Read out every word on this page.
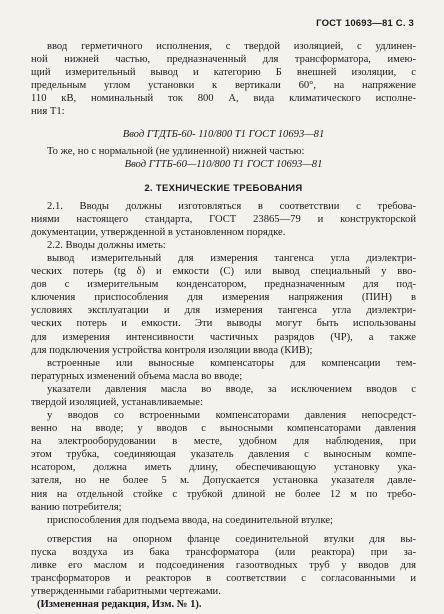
ГОСТ 10693—81 С. 3

ввод герметичного исполнения, с твердой изоляцией, с удлинен-
ной нижней частью, предназначенный для трансформатора, имею-
щий измерительный вывод и категорию Б внешней изоляции, с
предельным углом установки к вертикали 60°, на напряжение
110 кВ, номинальный ток 800 А, вида климатического исполне-
ния Т1:

Ввод ГТДТБ-60- 110/800 Т1 ГОСТ 10693—81
То же, но с нормальной (не удлиненной) нижней частью:
Ввод ГТТБ-60—110/800 Т1 ГОСТ 10693—81
2. ТЕХНИЧЕСКИЕ ТРЕБОВАНИЯ

2.1. Вводы должны изготовляться в соответствии с требова-
ниями настоящего стандарта, ГОСТ 23865—79 и конструкторской
документации, утвержденной в установленном порядке.

2.2. Вводы должны иметь:

вывод измерительный для измерения тангенса угла диэлектри-
ческих потерь (tg δ) и емкости (С) или вывод специальный у вво-
дов с измерительным конденсатором, предназначенным для под-
ключения приспособления для измерения напряжения (ПИН) в
условиях эксплуатации и для измерения тангенса угла диэлектри-
ческих потерь и емкости. Эти выводы могут быть использованы
для измерения интенсивности частичных разрядов (ЧР), а также
для подключения устройства контроля изоляции ввода (КИВ);

встроенные или выносные компенсаторы для компенсации тем-
пературных изменений объема масла во вводе;

указатели давления масла во вводе, за исключением вводов с
твердой изоляцией, устанавливаемые:

у вводов со встроенными компенсаторами давления непосредст-
венно на вводе; у вводов с выносными компенсаторами давления
на электрооборудовании в месте, удобном для наблюдения, при
этом трубка, соединяющая указатель давления с выносным компе-
нсатором, должна иметь длину, обеспечивающую установку ука-
зателя, но не более 5 м. Допускается установка указателя давле-
ния на отдельной стойке с трубкой длиной не более 12 м по требо-
ванию потребителя;

приспособления для подъема ввода, на соединительной втулке;

отверстия на опорном фланце соединительной втулки для вы-
пуска воздуха из бака трансформатора (или реактора) при за-
ливке его маслом и подсоединения газоотводных труб у вводов для
трансформаторов и реакторов в соответствии с согласованными и
утвержденными габаритными чертежами.

(Измененная редакция, Изм. № 1).
